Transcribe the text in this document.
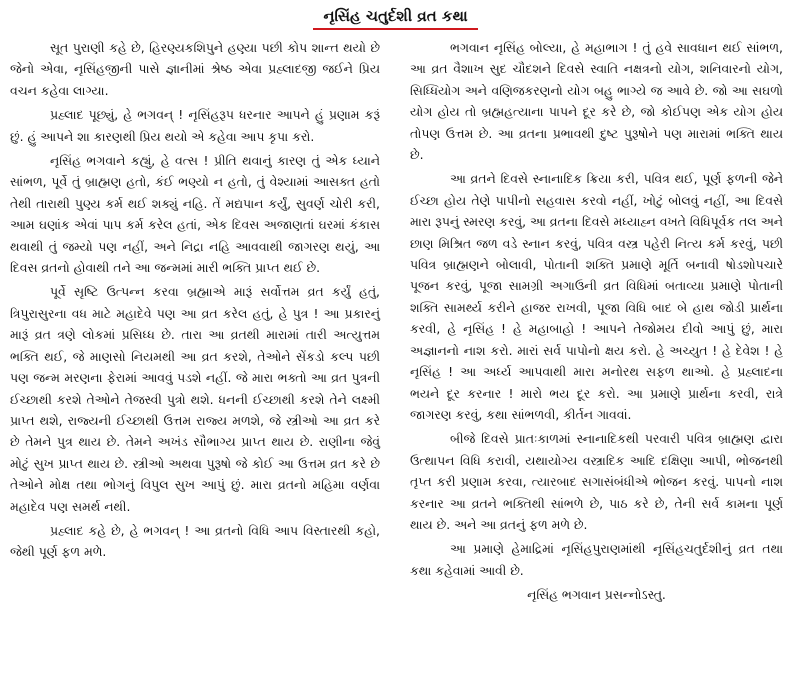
નૃસિંહ ચતુર્દશી વ્રત કથા

સૂત પુરાણી કહે છે, હિરણ્યકશિપુને હણ્યા પછી કોપ શાન્ત થયો છે જેનો એવા, નૃસિંહજીની પાસે જ્ઞાનીમાં શ્રેષ્ઠ એવા પ્રહ્લાદજી જઈને પ્રિય વચન કહેવા લાગ્યા.

પ્રહ્લાદ પૂછ્યું, હે ભગવન્ ! નૃસિંહરૂપ ધરનાર આપને હું પ્રણામ કરૂં છું. હું આપને શા કારણથી પ્રિય થયો એ કહેવા આપ કૃપા કરો.

નૃસિંહ ભગવાને કહ્યું, હે વત્સ ! પ્રીતિ થવાનું કારણ તું એક ધ્યાને સાંભળ, પૂર્વે તું બ્રાહ્મણ હતો, કંઈ ભણ્યો ન હતો, તું વેશ્યામાં આસક્ત હતો તેથી તારાથી પુણ્ય કર્મ થઈ શક્યું નહિ. તેં મદ્યપાન કર્યું, સુવર્ણ ચોરી કરી, આમ ઘણાંક એવાં પાપ કર્મ કરેલ હતાં, એક દિવસ અજાણતાં ઘરમાં કંકાસ થવાથી તું જમ્યો પણ નહીં, અને નિદ્રા નહિ આવવાથી જાગરણ થયું, આ દિવસ વ્રતનો હોવાથી તને આ જન્મમાં મારી ભક્તિ પ્રાપ્ત થઈ છે.

પૂર્વે સૃષ્ટિ ઉત્પન્ન કરવા બ્રહ્માએ મારૂં સર્વોત્તમ વ્રત કર્યું હતું, ત્રિપુરાસુરના વધ માટે મહાદેવે પણ આ વ્રત કરેલ હતું, હે પુત્ર ! આ પ્રકારનું મારૂં વ્રત ત્રણે લોકમાં પ્રસિધ્ધ છે. તારા આ વ્રતથી મારામાં તારી અત્યુત્તમ ભક્તિ થઈ, જે માણસો નિયમથી આ વ્રત કરશે, તેઓને સેંકડો કલ્પ પછી પણ જન્મ મરણના ફેરામાં આવવું પડશે નહીં. જે મારા ભક્તો આ વ્રત પુત્રની ઈચ્છાથી કરશે તેઓને તેજસ્વી પુત્રો થશે. ધનની ઈચ્છાથી કરશે તેને લક્ષ્મી પ્રાપ્ત થશે, રાજ્યની ઈચ્છાથી ઉત્તમ રાજ્ય મળશે, જે સ્ત્રીઓ આ વ્રત કરે છે તેમને પુત્ર થાય છે. તેમને અખંડ સૌભાગ્ય પ્રાપ્ત થાય છે. રાણીના જેવું મોટું સુખ પ્રાપ્ત થાય છે. સ્ત્રીઓ અથવા પુરૂષો જે કોઈ આ ઉત્તમ વ્રત કરે છે તેઓને મોક્ષ તથા ભોગનું વિપુલ સુખ આપું છું. મારા વ્રતનો મહિમા વર્ણવા મહાદેવ પણ સમર્થ નથી.

પ્રહ્લાદ કહે છે, હે ભગવન્ ! આ વ્રતનો વિધિ આપ વિસ્તારથી કહો, જેથી પૂર્ણ ફળ મળે.

ભગવાન નૃસિંહ બોલ્યા, હે મહાભાગ ! તું હવે સાવધાન થઈ સાંભળ, આ વ્રત વૈશાખ સુદ ચૌદશને દિવસે સ્વાતિ નક્ષત્રનો યોગ, શનિવારનો યોગ, સિધ્ધિયોગ અને વણિજકરણનો યોગ બહુ ભાગ્યે જ આવે છે. જો આ સઘળો યોગ હોય તો બ્રહ્મહત્યાના પાપને દૂર કરે છે, જો કોઈપણ એક યોગ હોય તોપણ ઉત્તમ છે. આ વ્રતના પ્રભાવથી દુષ્ટ પુરૂષોને પણ મારામાં ભક્તિ થાય છે.

આ વ્રતને દિવસે સ્નાનાદિક ક્રિયા કરી, પવિત્ર થઈ, પૂર્ણ ફળની જેને ઈચ્છા હોય તેણે પાપીનો સહવાસ કરવો નહીં, ખોટું બોલવું નહીં, આ દિવસે મારા રૂપનું સ્મરણ કરવું, આ વ્રતના દિવસે મધ્યાહ્ન વખતે વિધિપૂર્વક તલ અને છાણ મિશ્રિત જળ વડે સ્નાન કરવું, પવિત્ર વસ્ત્ર પહેરી નિત્ય કર્મ કરવું, પછી પવિત્ર બ્રાહ્મણને બોલાવી, પોતાની શક્તિ પ્રમાણે મૂર્તિ બનાવી ષોડશોપચારે પૂજન કરવું, પૂજા સામગ્રી અગાઉની વ્રત વિધિમાં બતાવ્યા પ્રમાણે પોતાની શક્તિ સામર્થ્ય કરીને હાજર રાખવી, પૂજા વિધિ બાદ બે હાથ જોડી પ્રાર્થના કરવી, હે નૃસિંહ ! હે મહાબાહો ! આપને તેજોમય દીવો આપું છું, મારા અજ્ઞાનનો નાશ કરો. મારાં સર્વ પાપોનો ક્ષય કરો. હે અચ્યુત ! હે દેવેશ ! હે નૃસિંહ ! આ અર્ધ્ય આપવાથી મારા મનોરથ સફળ થાઓ. હે પ્રહ્લાદના ભયને દૂર કરનાર ! મારો ભય દૂર કરો. આ પ્રમાણે પ્રાર્થના કરવી, રાત્રે જાગરણ કરવું, કથા સાંભળવી, કીર્તન ગાવવાં.

બીજે દિવસે પ્રાતઃકાળમાં સ્નાનાદિકથી પરવારી પવિત્ર બ્રાહ્મણ દ્વારા ઉત્થાપન વિધિ કરાવી, યથાયોગ્ય વસ્ત્રાદિક આદિ દક્ષિણા આપી, ભોજનથી તૃપ્ત કરી પ્રણામ કરવા, ત્યારબાદ સગાસંબંધીએ ભોજન કરવું. પાપનો નાશ કરનાર આ વ્રતને ભક્તિથી સાંભળે છે, પાઠ કરે છે, તેની સર્વ કામના પૂર્ણ થાય છે. અને આ વ્રતનું ફળ મળે છે.

આ પ્રમાણે હેમાદ્રિમાં નૃસિંહપુરાણમાંથી નૃસિંહચતુર્દશીનું વ્રત તથા કથા કહેવામાં આવી છે.

નૃસિંહ ભગવાન પ્રસન્નોઽસ્તુ.
